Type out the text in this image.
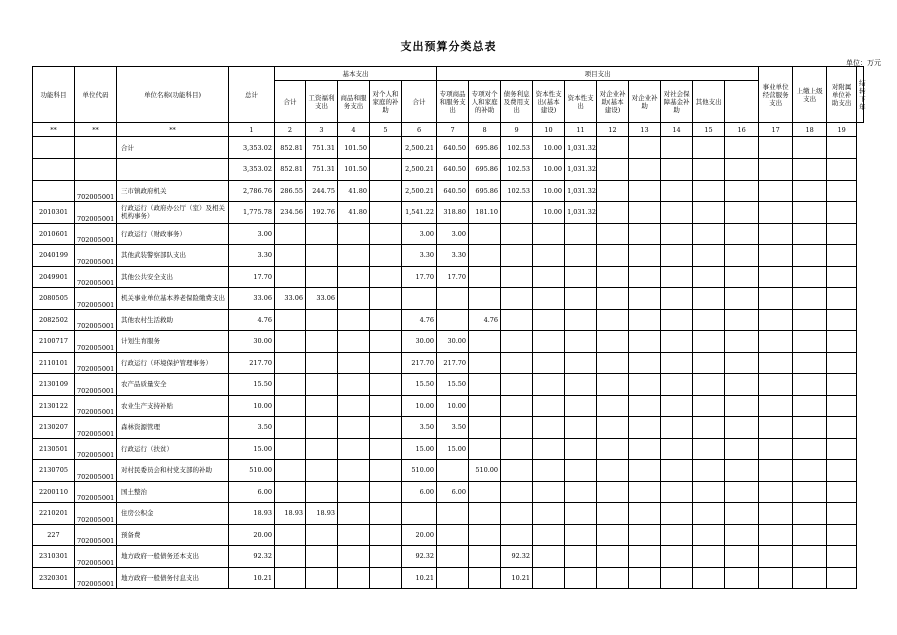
支出预算分类总表
单位：万元
功能科目	单位代码	单位名称(功能科目)	总计	基本支出					项目支出										事业单位经营服务支出	上缴上级支出	对附属单位补助支出	结转下年
				合计	工资福利支出	商品和服务支出	对个人和家庭的补助	合计	专项商品和服务支出	专项对个人和家庭的补助	债务利息及费用支出	资本性支出(基本建设)	资本性支出	对企业补助(基本建设)	对企业补助	对社会保障基金补助	其他支出					
**	**	**	1	2	3	4	5	6	7	8	9	10	11	12	13	14	15	16	17	18	19	
		合计	3,353.02	852.81	751.31	101.50		2,500.21	640.50	695.86	102.53	10.00	1,031.32									
			3,353.02	852.81	751.31	101.50		2,500.21	640.50	695.86	102.53	10.00	1,031.32									
	702005001	三市镇政府机关	2,786.76	286.55	244.75	41.80		2,500.21	640.50	695.86	102.53	10.00	1,031.32									
2010301	702005001	行政运行（政府办公厅（室）及相关机构事务）	1,775.78	234.56	192.76	41.80		1,541.22	318.80	181.10		10.00	1,031.32									
2010601	702005001	行政运行（财政事务）	3.00					3.00	3.00													
2040199	702005001	其他武装警察部队支出	3.30					3.30	3.30													
2049901	702005001	其他公共安全支出	17.70					17.70	17.70													
2080505	702005001	机关事业单位基本养老保险缴费支出	33.06	33.06	33.06																	
2082502	702005001	其他农村生活救助	4.76					4.76		4.76												
2100717	702005001	计划生育服务	30.00					30.00	30.00													
2110101	702005001	行政运行（环境保护管理事务）	217.70					217.70	217.70													
2130109	702005001	农产品质量安全	15.50					15.50	15.50													
2130122	702005001	农业生产支持补贴	10.00					10.00	10.00													
2130207	702005001	森林资源管理	3.50					3.50	3.50													
2130501	702005001	行政运行（扶贫）	15.00					15.00	15.00													
2130705	702005001	对村民委员会和村党支部的补助	510.00					510.00		510.00												
2200110	702005001	国土整治	6.00					6.00	6.00													
2210201	702005001	住房公积金	18.93	18.93	18.93																	
227	702005001	预备费	20.00					20.00														
2310301	702005001	地方政府一般债务还本支出	92.32					92.32			92.32											
2320301	702005001	地方政府一般债务付息支出	10.21					10.21			10.21											
